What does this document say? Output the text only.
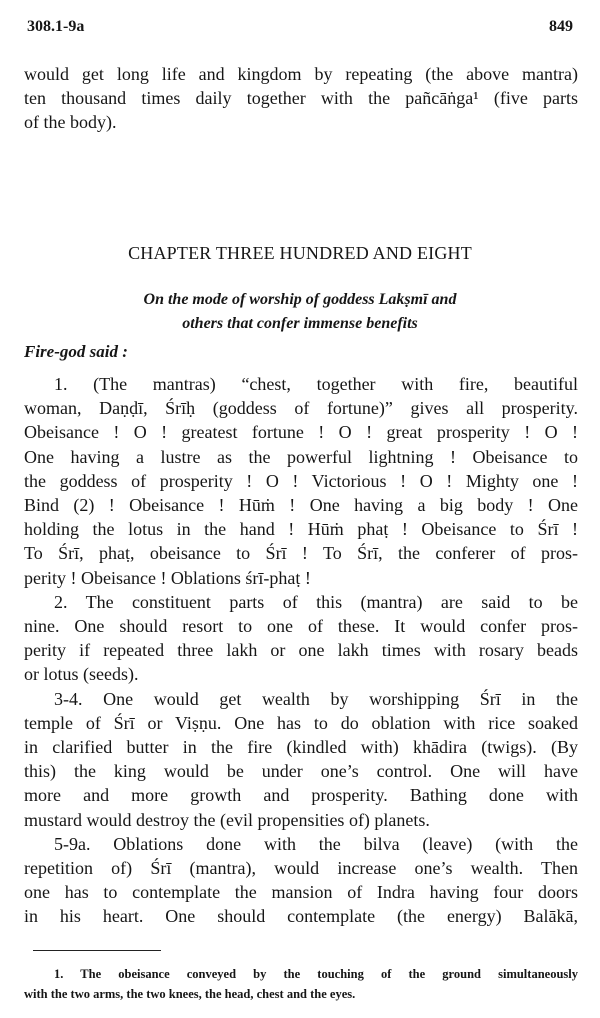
308.1-9a	849
would get long life and kingdom by repeating (the above mantra)
ten thousand times daily together with the pañcāṅga¹ (five parts
of the body).
CHAPTER THREE HUNDRED AND EIGHT
On the mode of worship of goddess Lakṣmī and
others that confer immense benefits
Fire-god said :
1. (The mantras) “chest, together with fire, beautiful
woman, Daṇḍī, Śrīḥ (goddess of fortune)” gives all prosperity.
Obeisance ! O ! greatest fortune ! O ! great prosperity ! O !
One having a lustre as the powerful lightning ! Obeisance to
the goddess of prosperity ! O ! Victorious ! O ! Mighty one !
Bind (2) ! Obeisance ! Hūṁ ! One having a big body ! One
holding the lotus in the hand ! Hūṁ phaṭ ! Obeisance to Śrī !
To Śrī, phaṭ, obeisance to Śrī ! To Śrī, the conferer of pros-
perity ! Obeisance ! Oblations śrī-phaṭ !
2. The constituent parts of this (mantra) are said to be
nine. One should resort to one of these. It would confer pros-
perity if repeated three lakh or one lakh times with rosary beads
or lotus (seeds).
3-4. One would get wealth by worshipping Śrī in the
temple of Śrī or Viṣṇu. One has to do oblation with rice soaked
in clarified butter in the fire (kindled with) khādira (twigs). (By
this) the king would be under one’s control. One will have
more and more growth and prosperity. Bathing done with
mustard would destroy the (evil propensities of) planets.
5-9a. Oblations done with the bilva (leave) (with the
repetition of) Śrī (mantra), would increase one’s wealth. Then
one has to contemplate the mansion of Indra having four doors
in his heart. One should contemplate (the energy) Balākā,
1. The obeisance conveyed by the touching of the ground simultaneously
with the two arms, the two knees, the head, chest and the eyes.
